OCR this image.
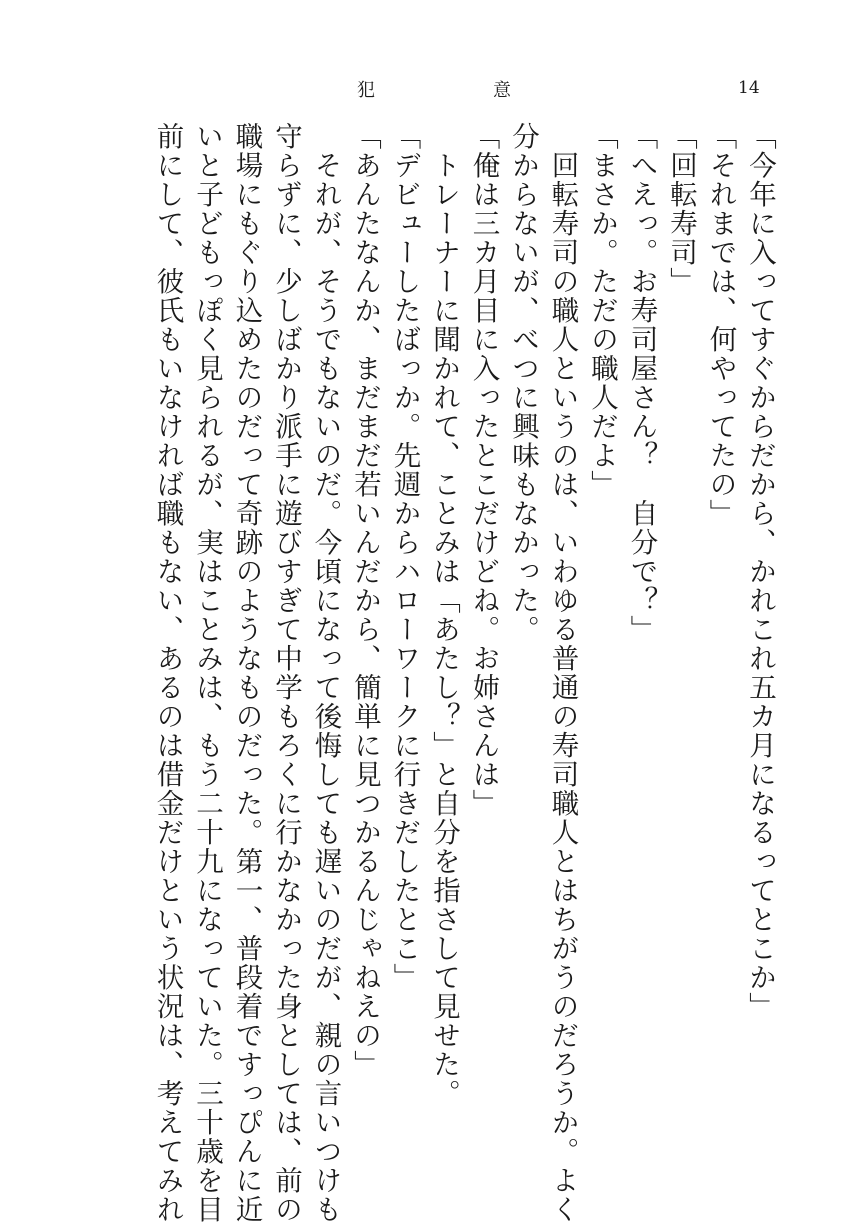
犯	意	14
「今年に入ってすぐからだから、かれこれ五カ月になるってとこか」
「それまでは、何やってたの」
「回転寿司」
「へえっ。お寿司屋さん？　自分で？」
「まさか。ただの職人だよ」
　回転寿司の職人というのは、いわゆる普通の寿司職人とはちがうのだろうか。よく
分からないが、べつに興味もなかった。
「俺は三カ月目に入ったとこだけどね。お姉さんは」
　トレーナーに聞かれて、ことみは「あたし？」と自分を指さして見せた。
「デビューしたばっか。先週からハローワークに行きだしたとこ」
「あんたなんか、まだまだ若いんだから、簡単に見つかるんじゃねえの」
　それが、そうでもないのだ。今頃になって後悔しても遅いのだが、親の言いつけも
守らずに、少しばかり派手に遊びすぎて中学もろくに行かなかった身としては、前の
職場にもぐり込めたのだって奇跡のようなものだった。第一、普段着ですっぴんに近
いと子どもっぽく見られるが、実はことみは、もう二十九になっていた。三十歳を目
前にして、彼氏もいなければ職もない、あるのは借金だけという状況は、考えてみれ
